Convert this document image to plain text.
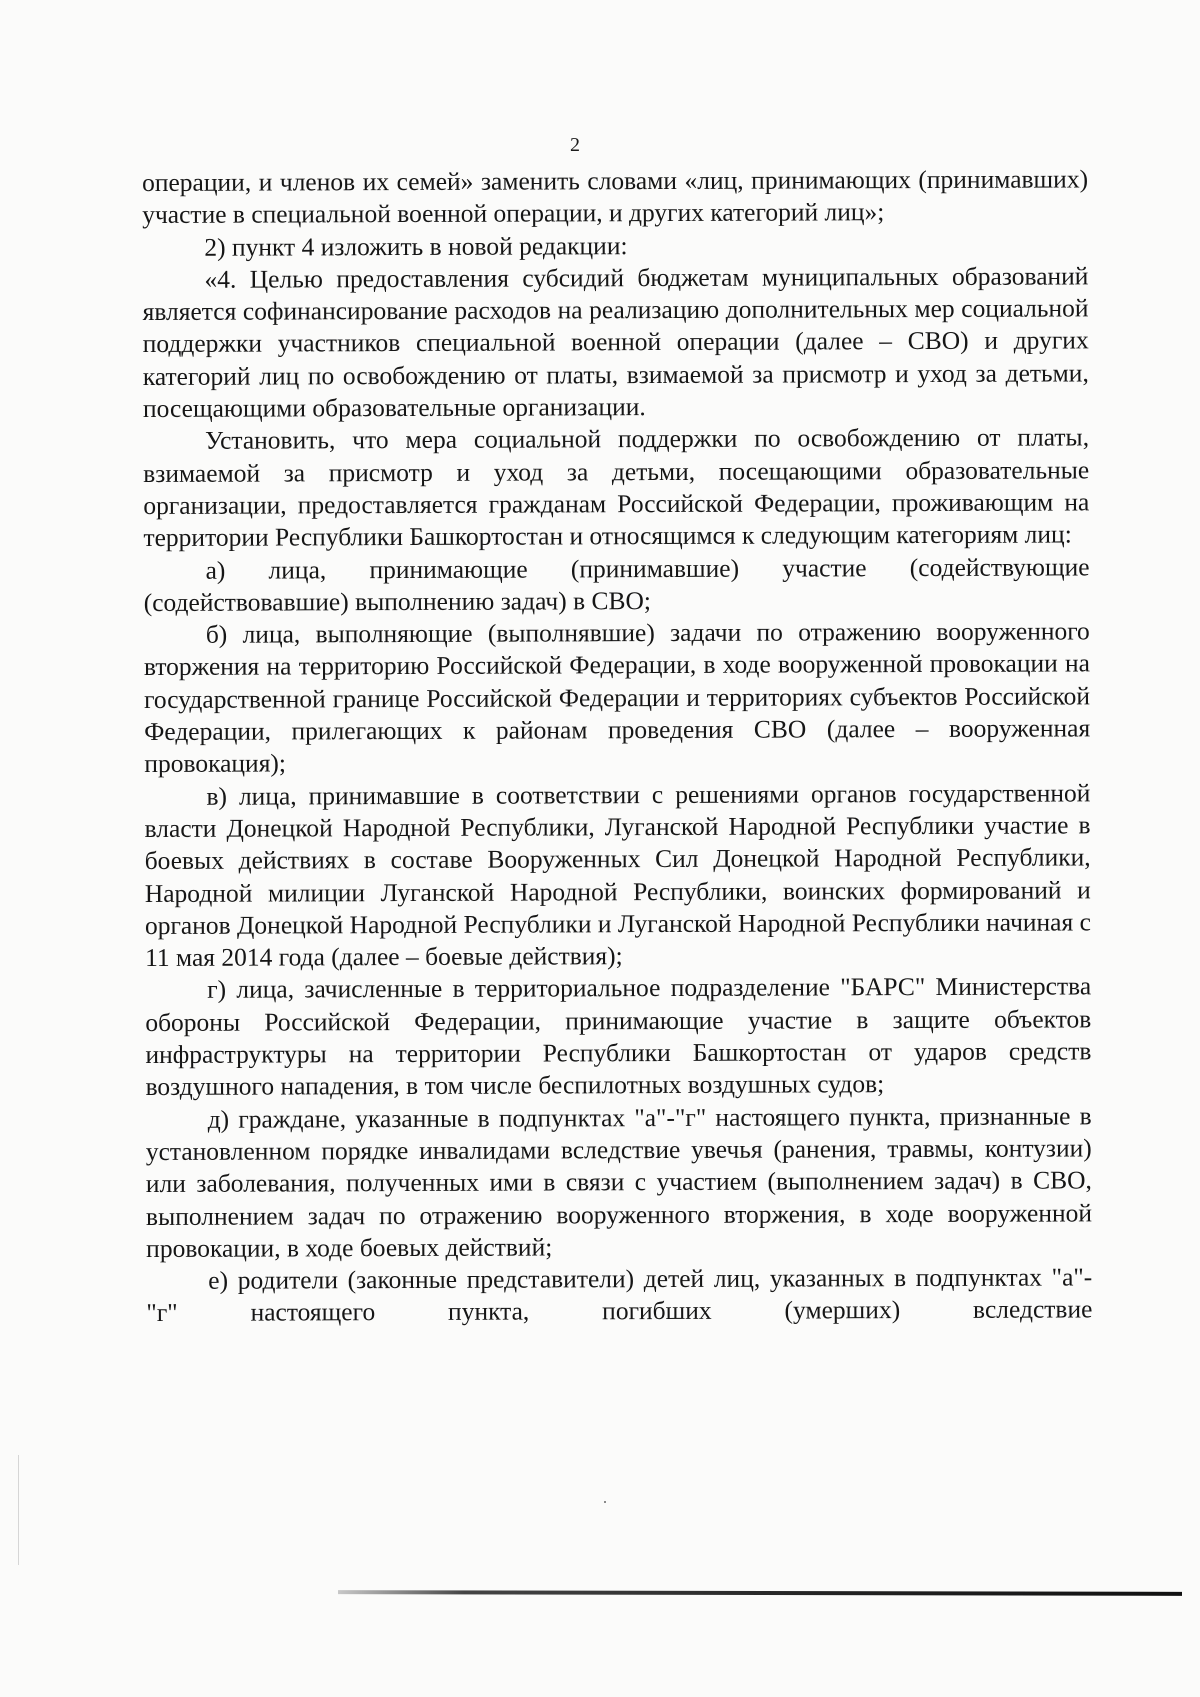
2

операции, и членов их семей» заменить словами «лиц, принимающих (принимавших) участие в специальной военной операции, и других категорий лиц»;

2) пункт 4 изложить в новой редакции:

«4. Целью предоставления субсидий бюджетам муниципальных образований является софинансирование расходов на реализацию дополнительных мер социальной поддержки участников специальной военной операции (далее – СВО) и других категорий лиц по освобождению от платы, взимаемой за присмотр и уход за детьми, посещающими образовательные организации.

Установить, что мера социальной поддержки по освобождению от платы, взимаемой за присмотр и уход за детьми, посещающими образовательные организации, предоставляется гражданам Российской Федерации, проживающим на территории Республики Башкортостан и относящимся к следующим категориям лиц:

а) лица, принимающие (принимавшие) участие (содействующие (содействовавшие) выполнению задач) в СВО;

б) лица, выполняющие (выполнявшие) задачи по отражению вооруженного вторжения на территорию Российской Федерации, в ходе вооруженной провокации на государственной границе Российской Федерации и территориях субъектов Российской Федерации, прилегающих к районам проведения СВО (далее – вооруженная провокация);

в) лица, принимавшие в соответствии с решениями органов государственной власти Донецкой Народной Республики, Луганской Народной Республики участие в боевых действиях в составе Вооруженных Сил Донецкой Народной Республики, Народной милиции Луганской Народной Республики, воинских формирований и органов Донецкой Народной Республики и Луганской Народной Республики начиная с 11 мая 2014 года (далее – боевые действия);

г) лица, зачисленные в территориальное подразделение "БАРС" Министерства обороны Российской Федерации, принимающие участие в защите объектов инфраструктуры на территории Республики Башкортостан от ударов средств воздушного нападения, в том числе беспилотных воздушных судов;

д) граждане, указанные в подпунктах "а"-"г" настоящего пункта, признанные в установленном порядке инвалидами вследствие увечья (ранения, травмы, контузии) или заболевания, полученных ими в связи с участием (выполнением задач) в СВО, выполнением задач по отражению вооруженного вторжения, в ходе вооруженной провокации, в ходе боевых действий;

е) родители (законные представители) детей лиц, указанных в подпунктах "а"-"г" настоящего пункта, погибших (умерших) вследствие
